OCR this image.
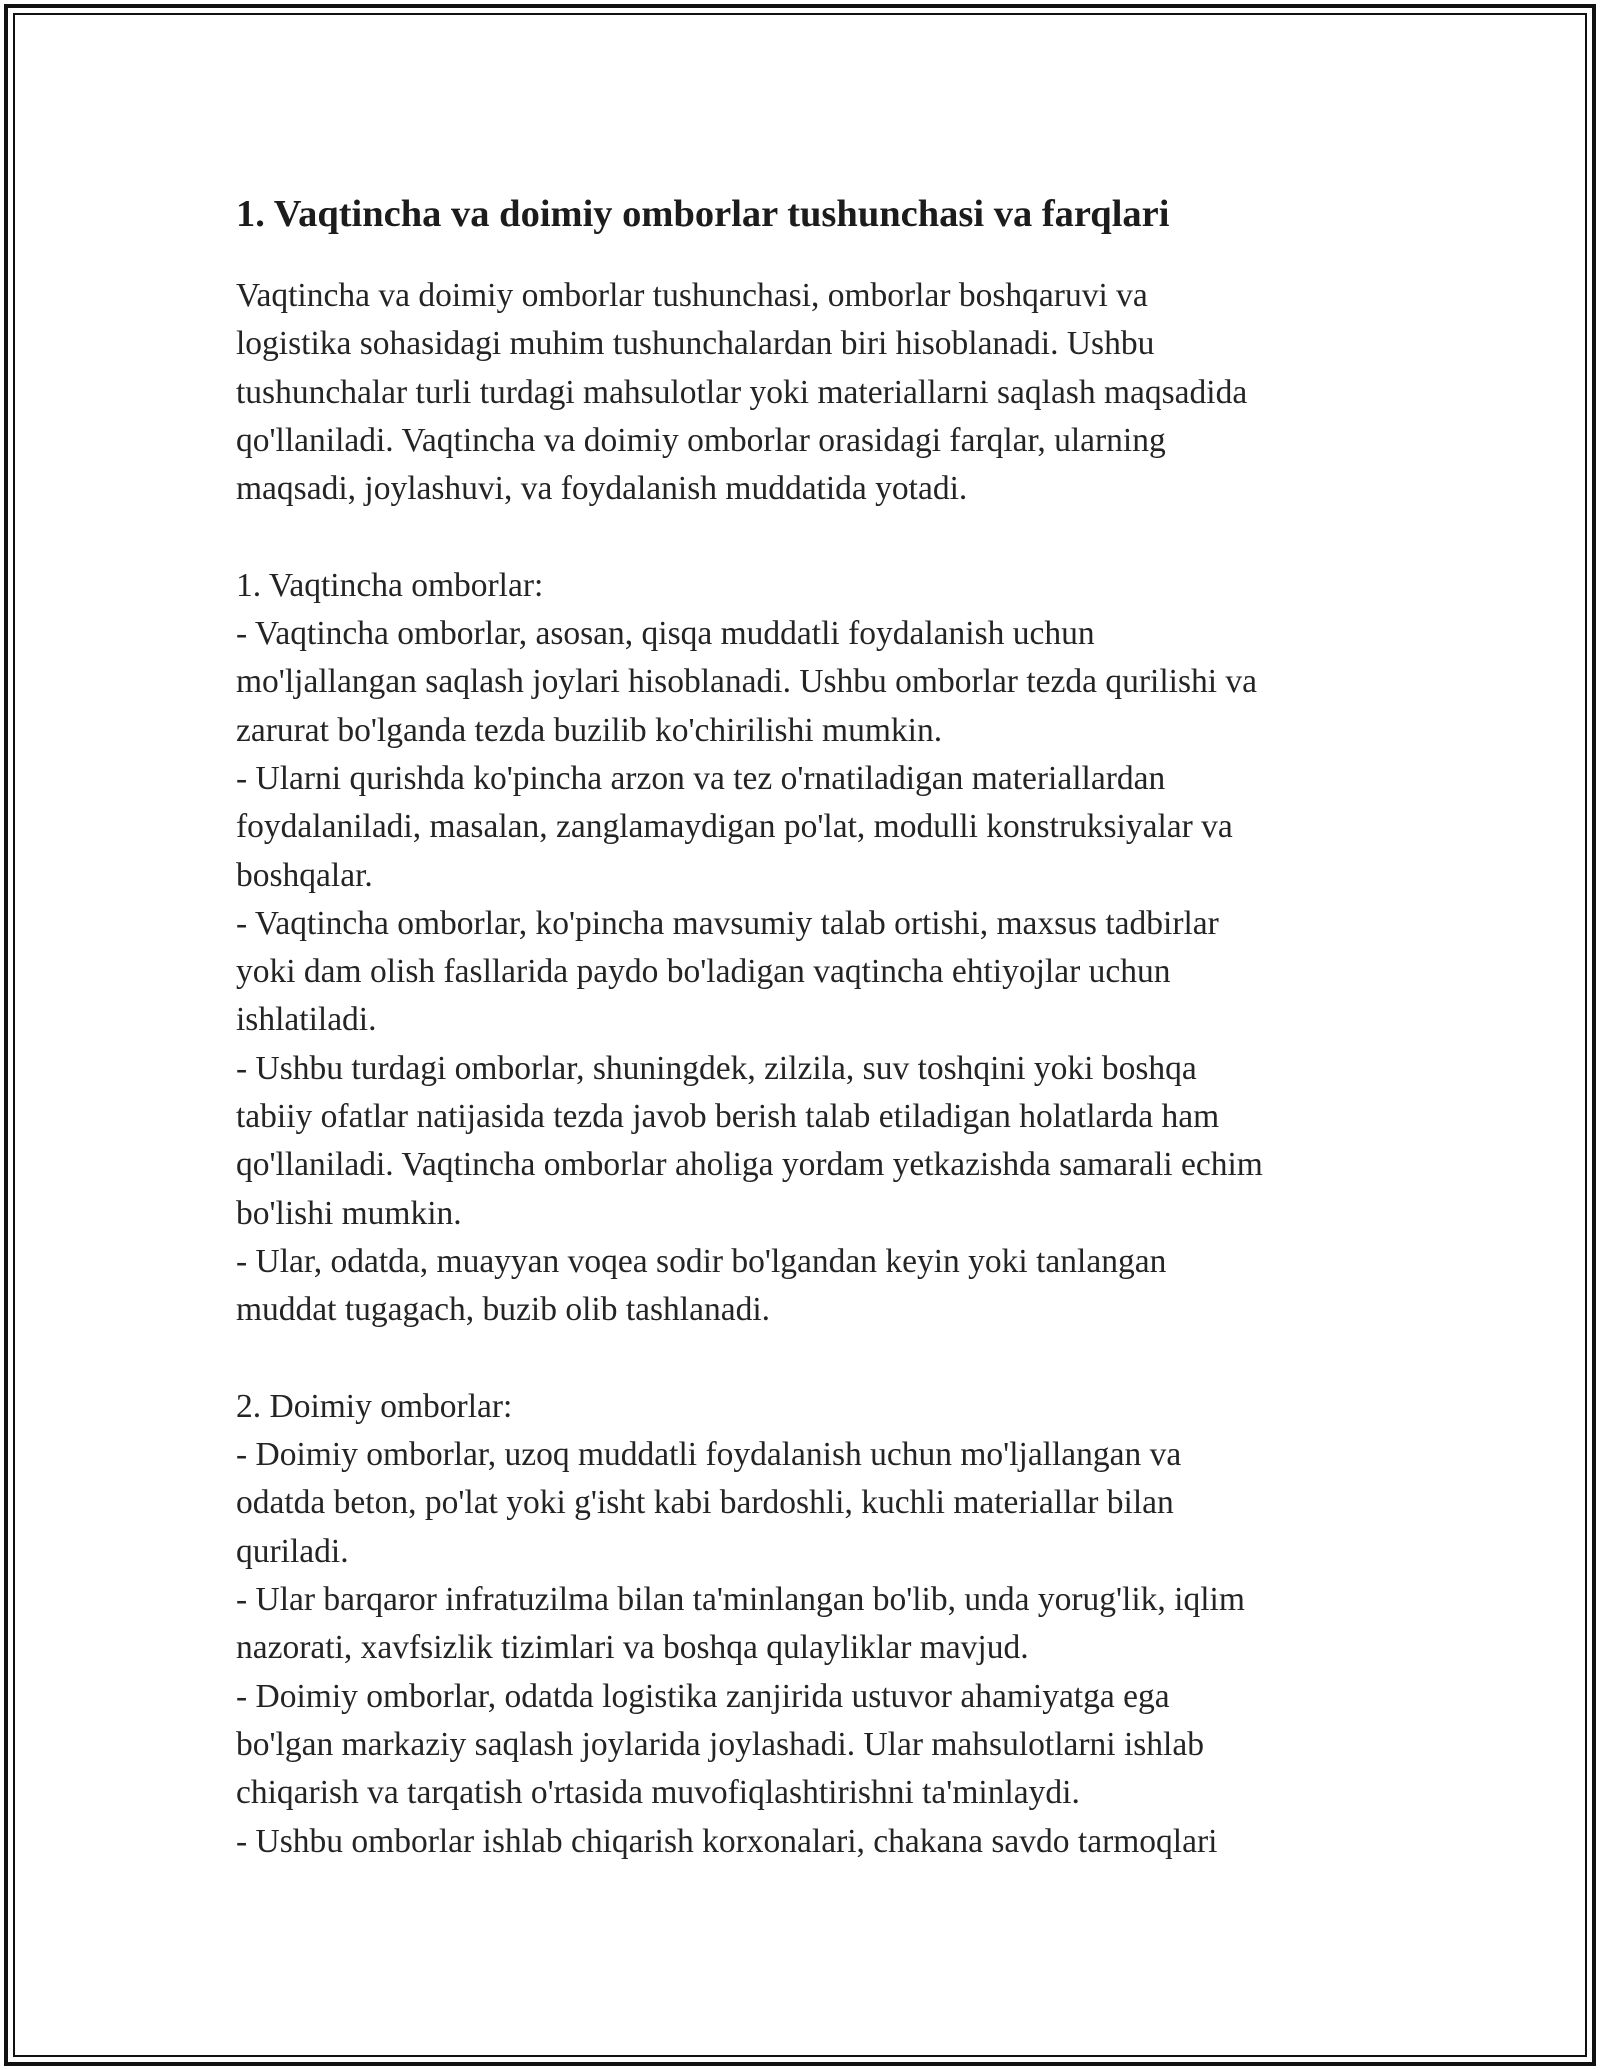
1. Vaqtincha va doimiy omborlar tushunchasi va farqlari
Vaqtincha va doimiy omborlar tushunchasi, omborlar boshqaruvi va
logistika sohasidagi muhim tushunchalardan biri hisoblanadi. Ushbu
tushunchalar turli turdagi mahsulotlar yoki materiallarni saqlash maqsadida
qo'llaniladi. Vaqtincha va doimiy omborlar orasidagi farqlar, ularning
maqsadi, joylashuvi, va foydalanish muddatida yotadi.
1. Vaqtincha omborlar:
- Vaqtincha omborlar, asosan, qisqa muddatli foydalanish uchun
mo'ljallangan saqlash joylari hisoblanadi. Ushbu omborlar tezda qurilishi va
zarurat bo'lganda tezda buzilib ko'chirilishi mumkin.
- Ularni qurishda ko'pincha arzon va tez o'rnatiladigan materiallardan
foydalaniladi, masalan, zanglamaydigan po'lat, modulli konstruksiyalar va
boshqalar.
- Vaqtincha omborlar, ko'pincha mavsumiy talab ortishi, maxsus tadbirlar
yoki dam olish fasllarida paydo bo'ladigan vaqtincha ehtiyojlar uchun
ishlatiladi.
- Ushbu turdagi omborlar, shuningdek, zilzila, suv toshqini yoki boshqa
tabiiy ofatlar natijasida tezda javob berish talab etiladigan holatlarda ham
qo'llaniladi. Vaqtincha omborlar aholiga yordam yetkazishda samarali echim
bo'lishi mumkin.
- Ular, odatda, muayyan voqea sodir bo'lgandan keyin yoki tanlangan
muddat tugagach, buzib olib tashlanadi.
2. Doimiy omborlar:
- Doimiy omborlar, uzoq muddatli foydalanish uchun mo'ljallangan va
odatda beton, po'lat yoki g'isht kabi bardoshli, kuchli materiallar bilan
quriladi.
- Ular barqaror infratuzilma bilan ta'minlangan bo'lib, unda yorug'lik, iqlim
nazorati, xavfsizlik tizimlari va boshqa qulayliklar mavjud.
- Doimiy omborlar, odatda logistika zanjirida ustuvor ahamiyatga ega
bo'lgan markaziy saqlash joylarida joylashadi. Ular mahsulotlarni ishlab
chiqarish va tarqatish o'rtasida muvofiqlashtirishni ta'minlaydi.
- Ushbu omborlar ishlab chiqarish korxonalari, chakana savdo tarmoqlari
